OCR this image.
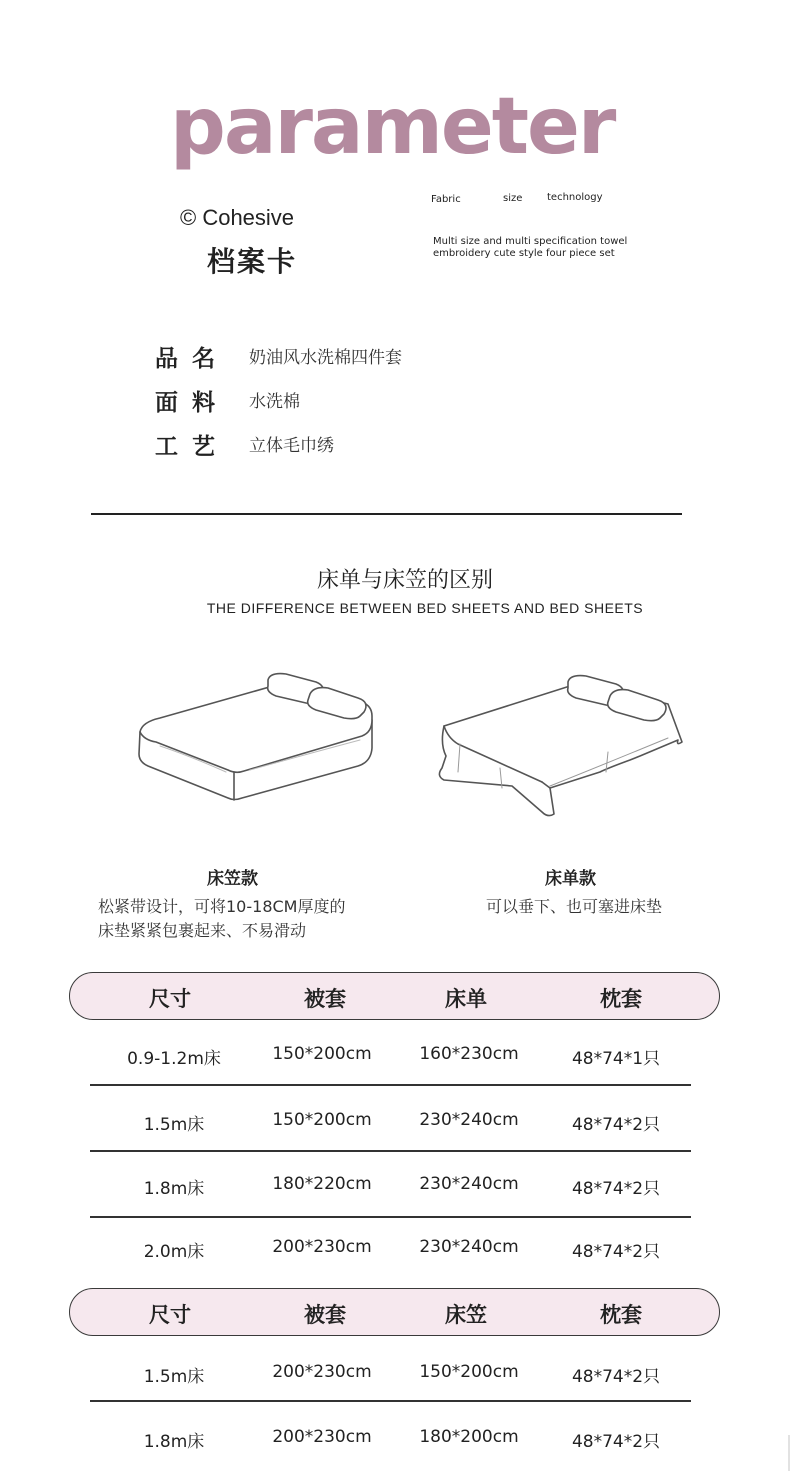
parameter
© Cohesive
档案卡
Fabric	size technology
Multi size and multi specification towel embroidery cute style four piece set
品名 奶油风水洗棉四件套
面料 水洗棉
工艺 立体毛巾绣
床单与床笠的区别
THE DIFFERENCE BETWEEN BED SHEETS AND BED SHEETS
床笠款
松紧带设计，可将10-18CM厚度的
床垫紧紧包裹起来、不易滑动
床单款
可以垂下、也可塞进床垫
尺寸	被套	床单	枕套
0.9-1.2m床	150*200cm	160*230cm	48*74*1只
1.5m床	150*200cm	230*240cm	48*74*2只
1.8m床	180*220cm	230*240cm	48*74*2只
2.0m床	200*230cm	230*240cm	48*74*2只
尺寸	被套	床笠	枕套
1.5m床	200*230cm	150*200cm	48*74*2只
1.8m床	200*230cm	180*200cm	48*74*2只
